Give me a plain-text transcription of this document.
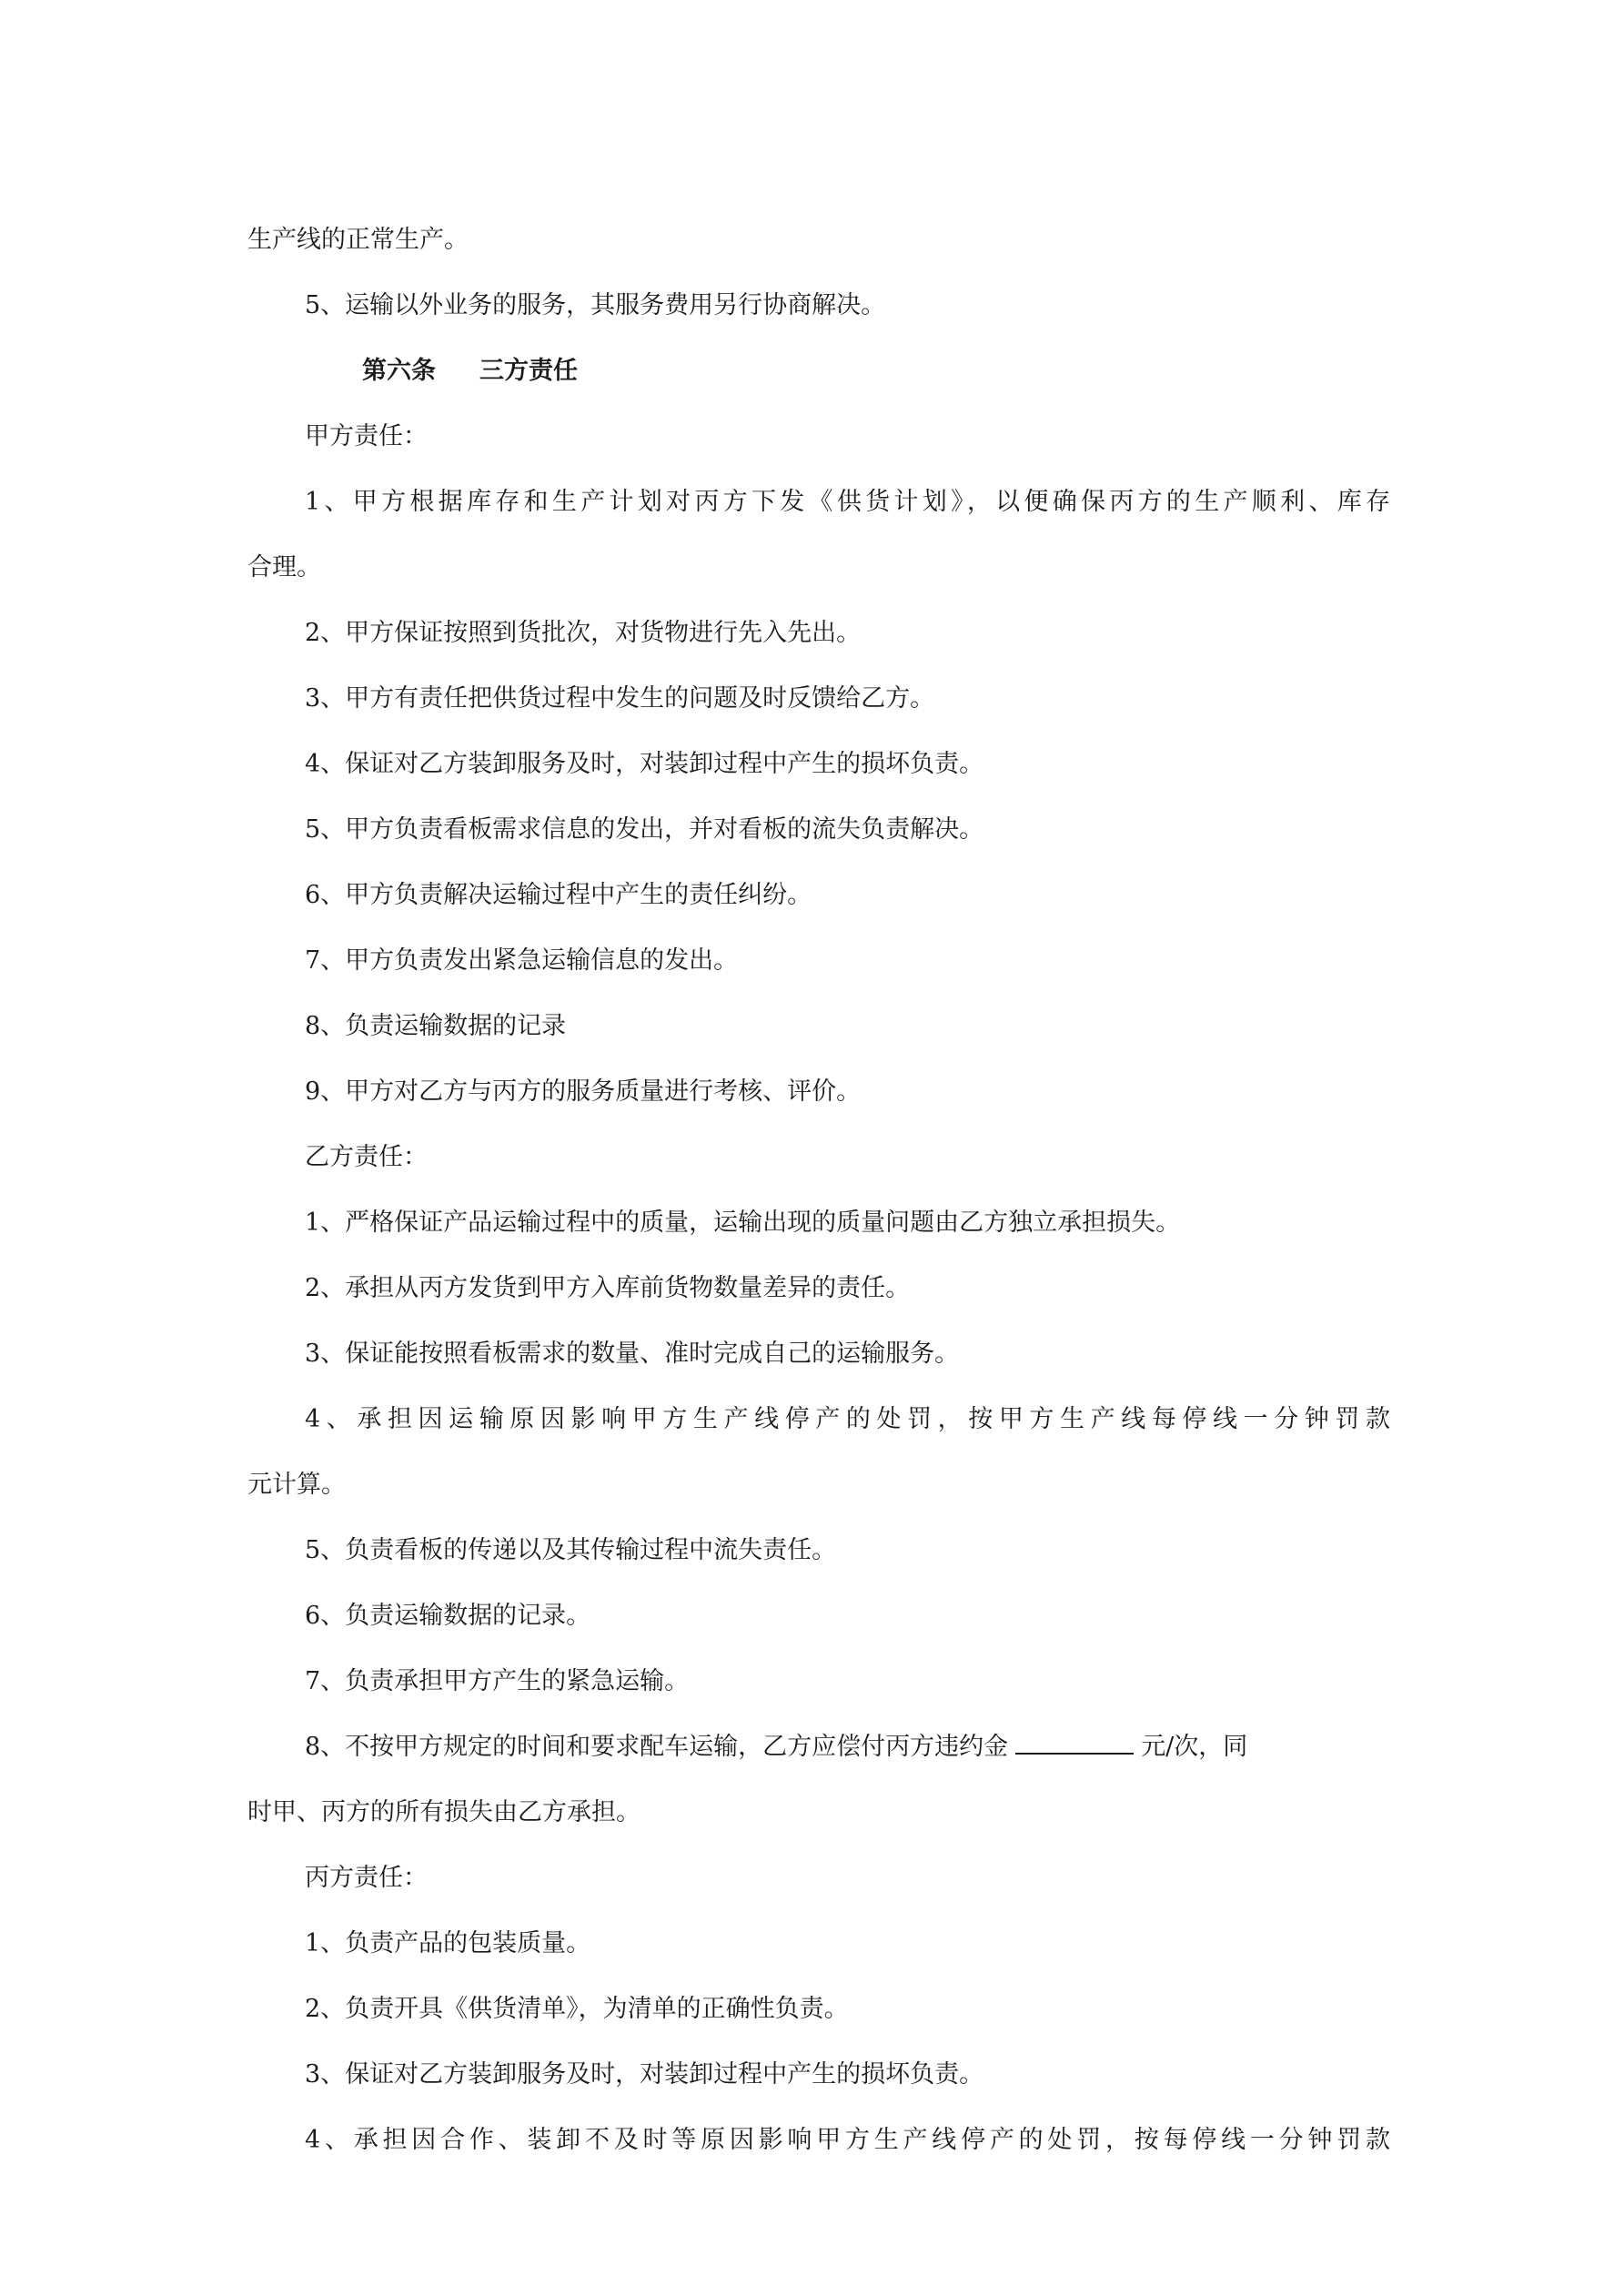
生产线的正常生产。

5、运输以外业务的服务，其服务费用另行协商解决。

第六条 三方责任

甲方责任：

1、甲方根据库存和生产计划对丙方下发《供货计划》，以便确保丙方的生产顺利、库存

合理。

2、甲方保证按照到货批次，对货物进行先入先出。

3、甲方有责任把供货过程中发生的问题及时反馈给乙方。

4、保证对乙方装卸服务及时，对装卸过程中产生的损坏负责。

5、甲方负责看板需求信息的发出，并对看板的流失负责解决。

6、甲方负责解决运输过程中产生的责任纠纷。

7、甲方负责发出紧急运输信息的发出。

8、负责运输数据的记录

9、甲方对乙方与丙方的服务质量进行考核、评价。

乙方责任：

1、严格保证产品运输过程中的质量，运输出现的质量问题由乙方独立承担损失。

2、承担从丙方发货到甲方入库前货物数量差异的责任。

3、保证能按照看板需求的数量、准时完成自己的运输服务。

4、承担因运输原因影响甲方生产线停产的处罚，按甲方生产线每停线一分钟罚款

元计算。

5、负责看板的传递以及其传输过程中流失责任。

6、负责运输数据的记录。

7、负责承担甲方产生的紧急运输。

8、不按甲方规定的时间和要求配车运输，乙方应偿付丙方违约金	元/次，同

时甲、丙方的所有损失由乙方承担。

丙方责任：

1、负责产品的包装质量。

2、负责开具《供货清单》，为清单的正确性负责。

3、保证对乙方装卸服务及时，对装卸过程中产生的损坏负责。

4、承担因合作、装卸不及时等原因影响甲方生产线停产的处罚，按每停线一分钟罚款
